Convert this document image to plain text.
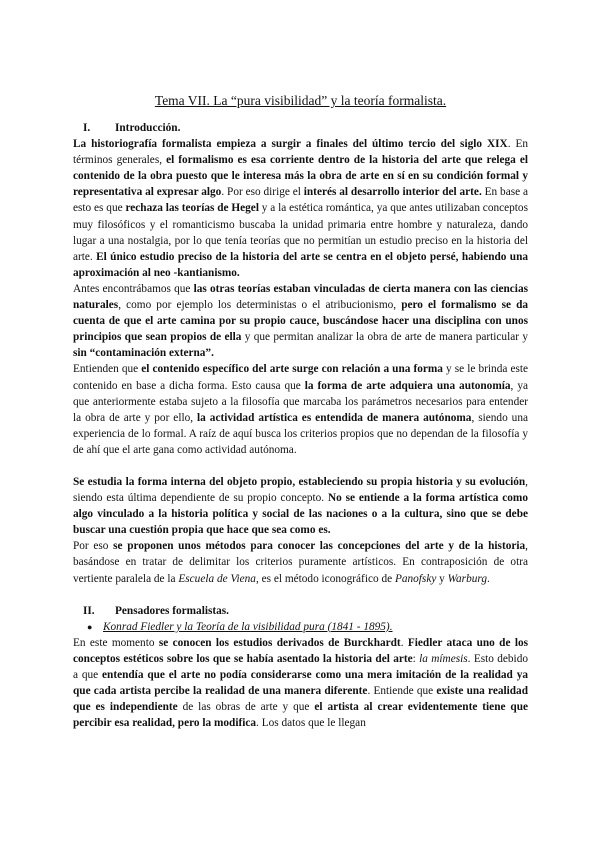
Tema VII. La “pura visibilidad” y la teoría formalista.
I. Introducción.

La historiografía formalista empieza a surgir a finales del último tercio del siglo XIX. En términos generales, el formalismo es esa corriente dentro de la historia del arte que relega el contenido de la obra puesto que le interesa más la obra de arte en sí en su condición formal y representativa al expresar algo. Por eso dirige el interés al desarrollo interior del arte. En base a esto es que rechaza las teorías de Hegel y a la estética romántica, ya que antes utilizaban conceptos muy filosóficos y el romanticismo buscaba la unidad primaria entre hombre y naturaleza, dando lugar a una nostalgia, por lo que tenía teorías que no permitían un estudio preciso en la historia del arte. El único estudio preciso de la historia del arte se centra en el objeto persé, habiendo una aproximación al neo -kantianismo.

Antes encontrábamos que las otras teorías estaban vinculadas de cierta manera con las ciencias naturales, como por ejemplo los deterministas o el atribucionismo, pero el formalismo se da cuenta de que el arte camina por su propio cauce, buscándose hacer una disciplina con unos principios que sean propios de ella y que permitan analizar la obra de arte de manera particular y sin “contaminación externa”.

Entienden que el contenido específico del arte surge con relación a una forma y se le brinda este contenido en base a dicha forma. Esto causa que la forma de arte adquiera una autonomía, ya que anteriormente estaba sujeto a la filosofía que marcaba los parámetros necesarios para entender la obra de arte y por ello, la actividad artística es entendida de manera autónoma, siendo una experiencia de lo formal. A raíz de aquí busca los criterios propios que no dependan de la filosofía y de ahí que el arte gana como actividad autónoma.

Se estudia la forma interna del objeto propio, estableciendo su propia historia y su evolución, siendo esta última dependiente de su propio concepto. No se entiende a la forma artística como algo vinculado a la historia política y social de las naciones o a la cultura, sino que se debe buscar una cuestión propia que hace que sea como es.

Por eso se proponen unos métodos para conocer las concepciones del arte y de la historia, basándose en tratar de delimitar los criterios puramente artísticos. En contraposición de otra vertiente paralela de la Escuela de Viena, es el método iconográfico de Panofsky y Warburg.

II. Pensadores formalistas.
● Konrad Fiedler y la Teoría de la visibilidad pura (1841 - 1895).

En este momento se conocen los estudios derivados de Burckhardt. Fiedler ataca uno de los conceptos estéticos sobre los que se había asentado la historia del arte: la mímesis. Esto debido a que entendía que el arte no podía considerarse como una mera imitación de la realidad ya que cada artista percibe la realidad de una manera diferente. Entiende que existe una realidad que es independiente de las obras de arte y que el artista al crear evidentemente tiene que percibir esa realidad, pero la modifica. Los datos que le llegan
